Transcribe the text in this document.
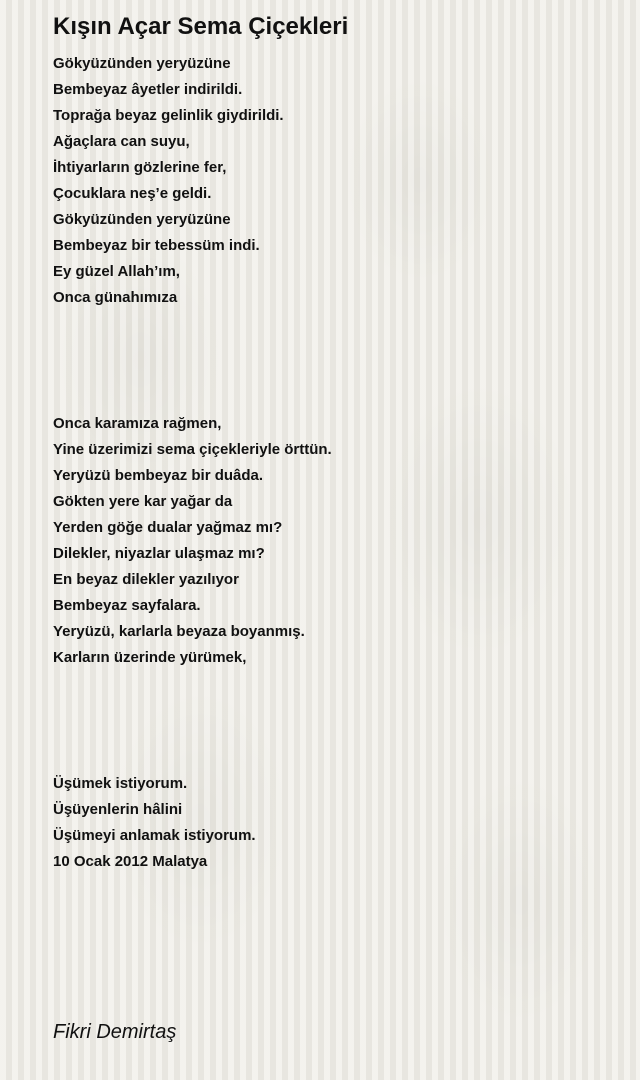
Kışın Açar Sema Çiçekleri
Gökyüzünden yeryüzüne
Bembeyaz âyetler indirildi.
Toprağa beyaz gelinlik giydirildi.
Ağaçlara can suyu,
İhtiyarların gözlerine fer,
Çocuklara neş’e geldi.
Gökyüzünden yeryüzüne
Bembeyaz bir tebessüm indi.
Ey güzel Allah’ım,
Onca günahımıza
Onca karamıza rağmen,
Yine üzerimizi sema çiçekleriyle örttün.
Yeryüzü bembeyaz bir duâda.
Gökten yere kar yağar da
Yerden göğe dualar yağmaz mı?
Dilekler, niyazlar ulaşmaz mı?
En beyaz dilekler yazılıyor
Bembeyaz sayfalara.
Yeryüzü, karlarla beyaza boyanmış.
Karların üzerinde yürümek,
Üşümek istiyorum.
Üşüyenlerin hâlini
Üşümeyi anlamak istiyorum.
10 Ocak 2012 Malatya
Fikri Demirtaş
